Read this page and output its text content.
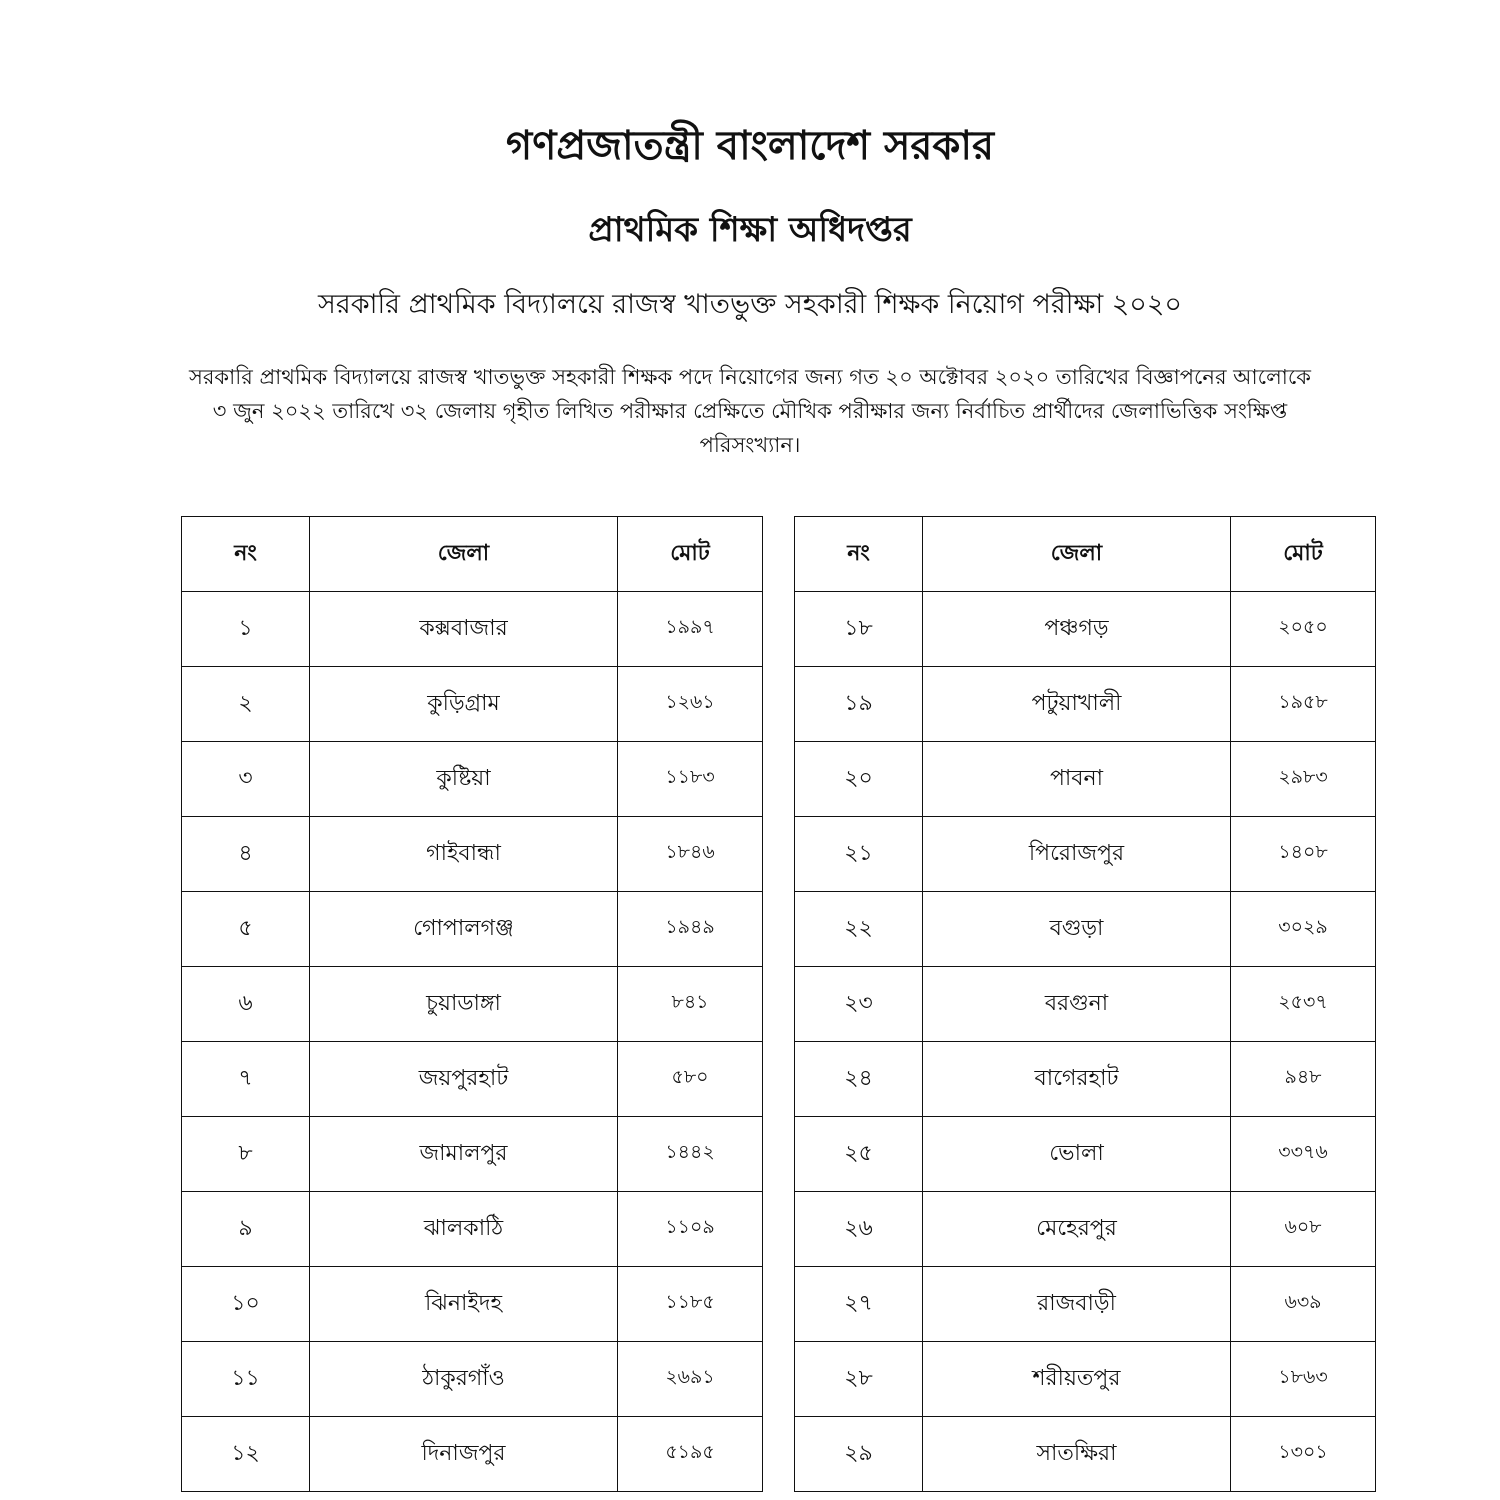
গণপ্রজাতন্ত্রী বাংলাদেশ সরকার
প্রাথমিক শিক্ষা অধিদপ্তর
সরকারি প্রাথমিক বিদ্যালয়ে রাজস্ব খাতভুক্ত সহকারী শিক্ষক নিয়োগ পরীক্ষা ২০২০

সরকারি প্রাথমিক বিদ্যালয়ে রাজস্ব খাতভুক্ত সহকারী শিক্ষক পদে নিয়োগের জন্য গত ২০ অক্টোবর ২০২০ তারিখের বিজ্ঞাপনের আলোকে ৩ জুন ২০২২ তারিখে ৩২ জেলায় গৃহীত লিখিত পরীক্ষার প্রেক্ষিতে মৌখিক পরীক্ষার জন্য নির্বাচিত প্রার্থীদের জেলাভিত্তিক সংক্ষিপ্ত পরিসংখ্যান।

নং	জেলা	মোট
১	কক্সবাজার	১৯৯৭
২	কুড়িগ্রাম	১২৬১
৩	কুষ্টিয়া	১১৮৩
৪	গাইবান্ধা	১৮৪৬
৫	গোপালগঞ্জ	১৯৪৯
৬	চুয়াডাঙ্গা	৮৪১
৭	জয়পুরহাট	৫৮০
৮	জামালপুর	১৪৪২
৯	ঝালকাঠি	১১০৯
১০	ঝিনাইদহ	১১৮৫
১১	ঠাকুরগাঁও	২৬৯১
১২	দিনাজপুর	৫১৯৫
নং	জেলা	মোট
১৮	পঞ্চগড়	২০৫০
১৯	পটুয়াখালী	১৯৫৮
২০	পাবনা	২৯৮৩
২১	পিরোজপুর	১৪০৮
২২	বগুড়া	৩০২৯
২৩	বরগুনা	২৫৩৭
২৪	বাগেরহাট	৯৪৮
২৫	ভোলা	৩৩৭৬
২৬	মেহেরপুর	৬০৮
২৭	রাজবাড়ী	৬৩৯
২৮	শরীয়তপুর	১৮৬৩
২৯	সাতক্ষিরা	১৩০১
